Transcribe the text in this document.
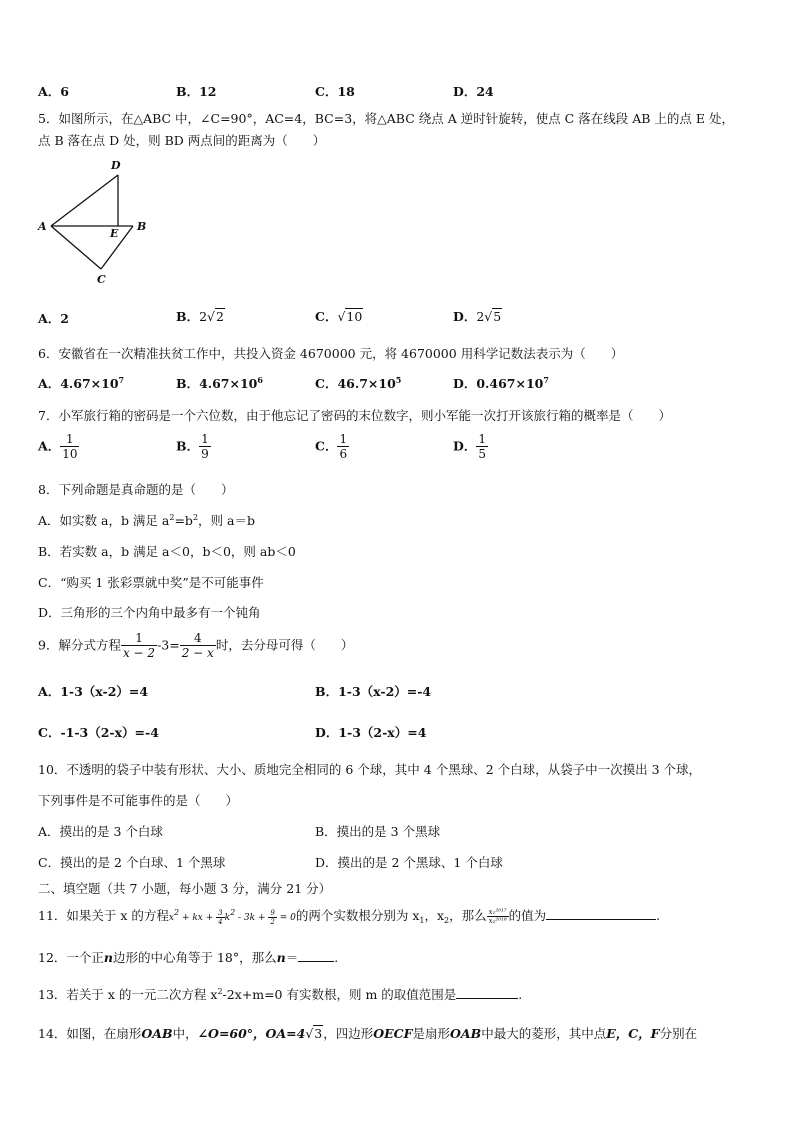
A．6	B．12	C．18	D．24
5．如图所示，在△ABC 中，∠C=90°，AC=4，BC=3，将△ABC 绕点 A 逆时针旋转，使点 C 落在线段 AB 上的点 E 处，
点 B 落在点 D 处，则 BD 两点间的距离为（　　）
D
A
E
B
C
A．2	B．2√2	C．√10	D．2√5
6．安徽省在一次精准扶贫工作中，共投入资金 4670000 元，将 4670000 用科学记数法表示为（　　）
A．$4.67\times 10^7$	B．$4.67\times 10^6$	C．$46.7\times 10^5$	D．$0.467\times 10^7$
7．小军旅行箱的密码是一个六位数，由于他忘记了密码的末位数字，则小军能一次打开该旅行箱的概率是（　　）
A． $\frac{1}{10}$	B． $\frac{1}{9}$	C． $\frac{1}{6}$	D． $\frac{1}{5}$
8．下列命题是真命题的是（　　）
A．如实数 a，b 满足 $a^2=b^2$，则 a＝b
B．若实数 a，b 满足 a＜0，b＜0，则 ab＜0
C．“购买 1 张彩票就中奖”是不可能事件
D．三角形的三个内角中最多有一个钝角
9．解分式方程 $\frac{1}{x - 2} -3= \frac{4}{2 - x}$ 时，去分母可得（　　）
A．1-3（x-2）=4	B．1-3（x-2）=-4
C．-1-3（2-x）=-4	D．1-3（2-x）=4
10．不透明的袋子中装有形状、大小、质地完全相同的 6 个球，其中 4 个黑球、2 个白球，从袋子中一次摸出 3 个球，
下列事件是不可能事件的是（　　）
A．摸出的是 3 个白球	B．摸出的是 3 个黑球
C．摸出的是 2 个白球、1 个黑球	D．摸出的是 2 个黑球、1 个白球
二、填空题（共 7 小题，每小题 3 分，满分 21 分）
11．如果关于 x 的方程$x^2$ + kx + $\frac{3}{4} k^2 - 3k + \frac{9}{2} = 0$的两个实数根分别为 $x_1$，$x_2$，那么 $\frac{\text{x₁²⁰¹⁷}}{\text{x₂²⁰¹⁸}}$ 的值为	.
12．一个正n边形的中心角等于 18°，那么n＝	.
13．若关于 x 的一元二次方程 $x^2-2x+m=0$ 有实数根，则 m 的取值范围是	.
14．如图，在扇形OAB中，∠O=60°，OA=4√3，四边形OECF是扇形OAB中最大的菱形，其中点E，C，F分别在
